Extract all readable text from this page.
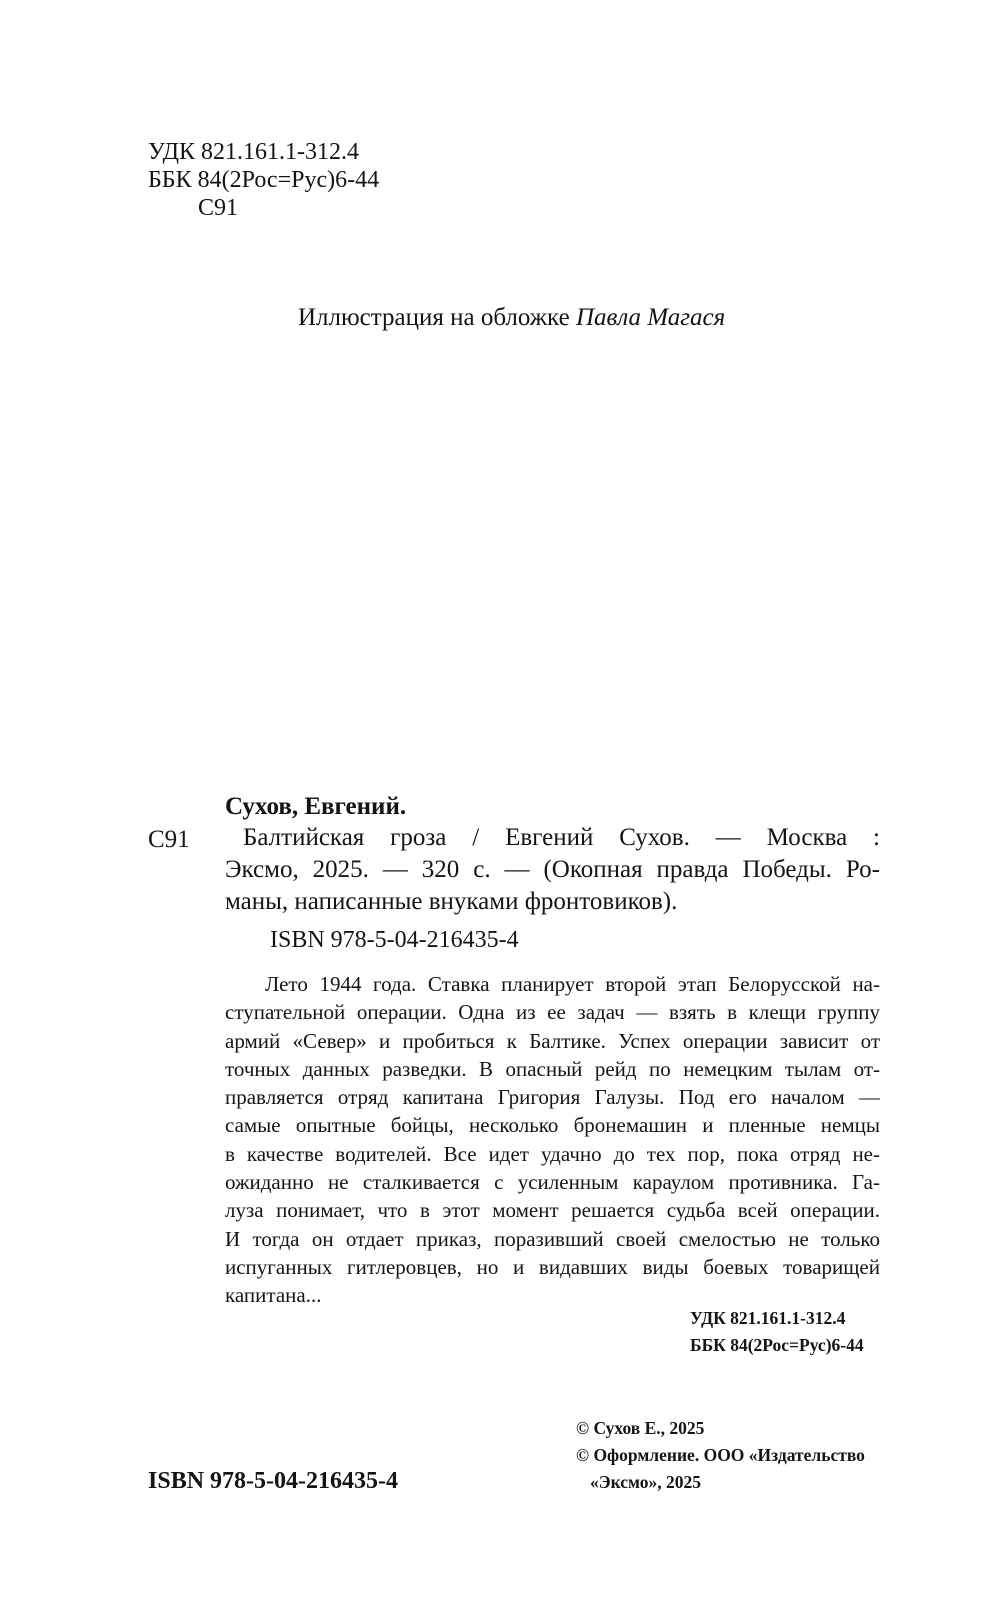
УДК 821.161.1-312.4
ББК 84(2Рос=Рус)6-44
С91
Иллюстрация на обложке Павла Магася
Сухов, Евгений.
С91	Балтийская гроза / Евгений Сухов. — Москва :
Эксмо, 2025. — 320 с. — (Окопная правда Победы. Ро-
маны, написанные внуками фронтовиков).
ISBN 978-5-04-216435-4
Лето 1944 года. Ставка планирует второй этап Белорусской на-
ступательной операции. Одна из ее задач — взять в клещи группу
армий «Север» и пробиться к Балтике. Успех операции зависит от
точных данных разведки. В опасный рейд по немецким тылам от-
правляется отряд капитана Григория Галузы. Под его началом —
самые опытные бойцы, несколько бронемашин и пленные немцы
в качестве водителей. Все идет удачно до тех пор, пока отряд не-
ожиданно не сталкивается с усиленным караулом противника. Га-
луза понимает, что в этот момент решается судьба всей операции.
И тогда он отдает приказ, поразивший своей смелостью не только
испуганных гитлеровцев, но и видавших виды боевых товарищей
капитана...
УДК 821.161.1-312.4
ББК 84(2Рос=Рус)6-44
ISBN 978-5-04-216435-4
© Сухов Е., 2025
© Оформление. ООО «Издательство
«Эксмо», 2025
